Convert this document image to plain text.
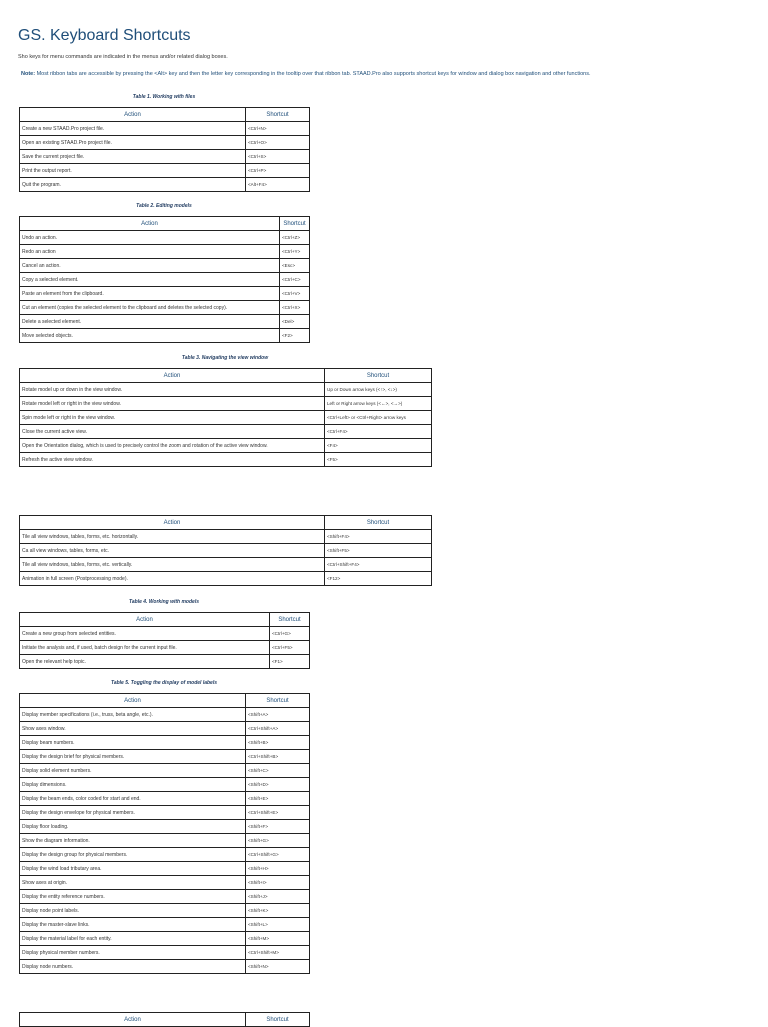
GS. Keyboard Shortcuts
Sho keys for menu commands are indicated in the menus and/or related dialog boxes.
Note: Most ribbon tabs are accessible by pressing the <Alt> key and then the letter key corresponding in the tooltip over that ribbon tab. STAAD.Pro also supports shortcut keys for window and dialog box navigation and other functions.
Table 1. Working with files
Action	Shortcut
Create a new STAAD.Pro project file.	<Ctrl+N>
Open an existing STAAD.Pro project file.	<Ctrl+O>
Save the current project file.	<Ctrl+S>
Print the output report.	<Ctrl+P>
Quit the program.	<Alt+F4>
Table 2. Editing models
Action	Shortcut
Undo an action.	<Ctrl+Z>
Redo an action	<Ctrl+Y>
Cancel an action.	<Esc>
Copy a selected element.	<Ctrl+C>
Paste an element from the clipboard.	<Ctrl+V>
Cut an element (copies the selected element to the clipboard and deletes the selected copy).	<Ctrl+X>
Delete a selected element.	<Del>
Move selected objects.	<F2>
Table 3. Navigating the view window
Action	Shortcut
Rotate model up or down in the view window.	Up or Down arrow keys (<↑>, <↓>)
Rotate model left or right in the view window.	Left or Right arrow keys (<←>, <→>)
Spin mode left or right in the view window.	<Ctrl+Left> or <Ctrl+Right> arrow keys
Close the current active view.	<Ctrl+F4>
Open the Orientation dialog, which is used to precisely control the zoom and rotation of the active view window.	<F4>
Refresh the active view window.	<F5>
Action	Shortcut
Tile all view windows, tables, forms, etc. horizontally.	<Shift+F4>
Ca all view windows, tables, forms, etc.	<Shift+F5>
Tile all view windows, tables, forms, etc. vertically.	<Ctrl+Shift+F4>
Animation in full screen (Postprocessing mode).	<F12>
Table 4. Working with models
Action	Shortcut
Create a new group from selected entities.	<Ctrl+G>
Initiate the analysis and, if used, batch design for the current input file.	<Ctrl+F5>
Open the relevant help topic.	<F1>
Table 5. Toggling the display of model labels
Action	Shortcut
Display member specifications (i.e., truss, beta angle, etc.).	<Shift+A>
Show axes window.	<Ctrl+Shift+A>
Display beam numbers.	<Shift+B>
Display the design brief for physical members.	<Ctrl+Shift+B>
Display solid element numbers.	<Shift+C>
Display dimensions.	<Shift+D>
Display the beam ends, color coded for start and end.	<Shift+E>
Display the design envelope for physical members.	<Ctrl+Shift+E>
Display floor loading.	<Shift+F>
Show the diagram information.	<Shift+G>
Display the design group for physical members.	<Ctrl+Shift+G>
Display the wind load tributary area.	<Shift+H>
Show axes at origin.	<Shift+I>
Display the entity reference numbers.	<Shift+J>
Display node point labels.	<Shift+K>
Display the master-slave links.	<Shift+L>
Display the material label for each entity.	<Shift+M>
Display physical member numbers.	<Ctrl+Shift+M>
Display node numbers.	<Shift+N>
Action	Shortcut
